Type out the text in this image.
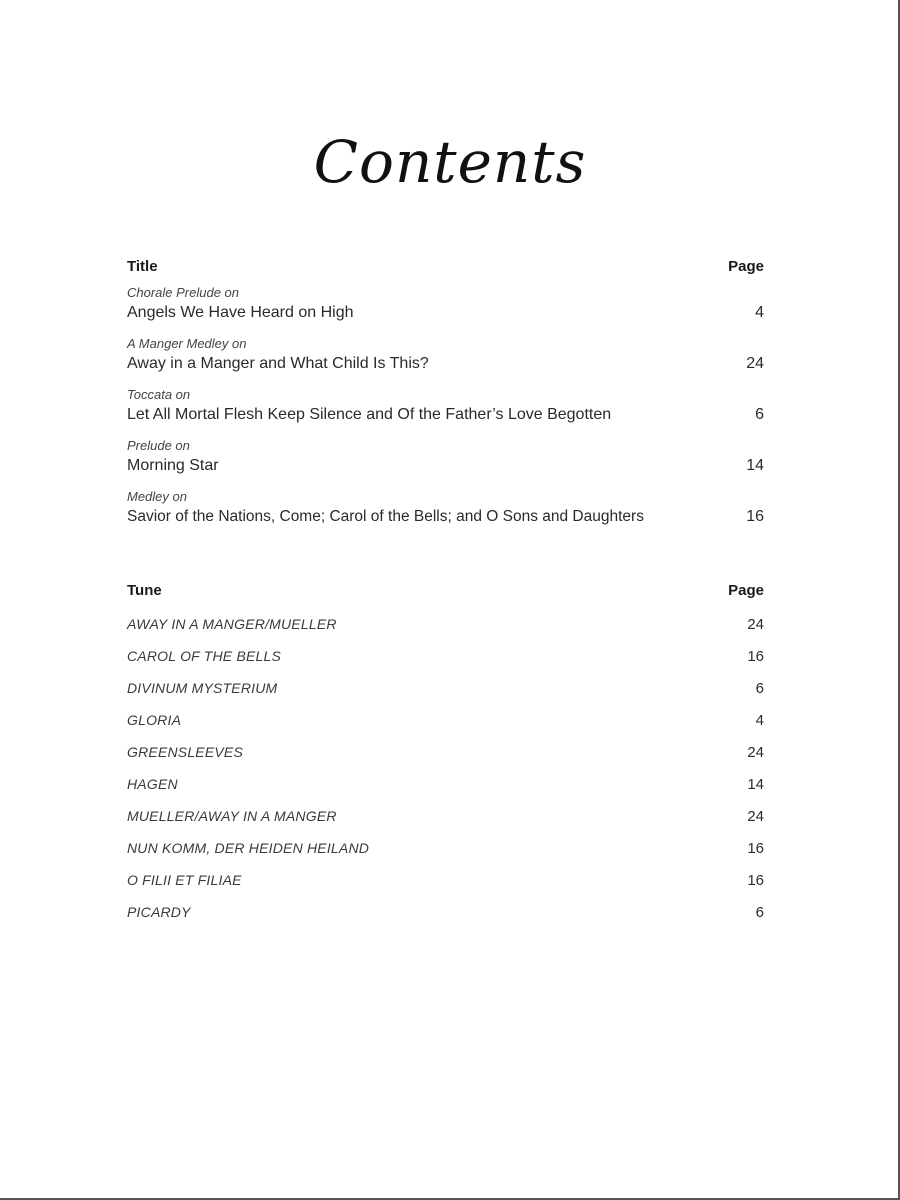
Contents
Title	Page
Chorale Prelude on
Angels We Have Heard on High	4
A Manger Medley on
Away in a Manger and What Child Is This?	24
Toccata on
Let All Mortal Flesh Keep Silence and Of the Father’s Love Begotten	6
Prelude on
Morning Star	14
Medley on
Savior of the Nations, Come; Carol of the Bells; and O Sons and Daughters	16
Tune	Page
AWAY IN A MANGER/MUELLER	24
CAROL OF THE BELLS	16
DIVINUM MYSTERIUM	6
GLORIA	4
GREENSLEEVES	24
HAGEN	14
MUELLER/AWAY IN A MANGER	24
NUN KOMM, DER HEIDEN HEILAND	16
O FILII ET FILIAE	16
PICARDY	6
